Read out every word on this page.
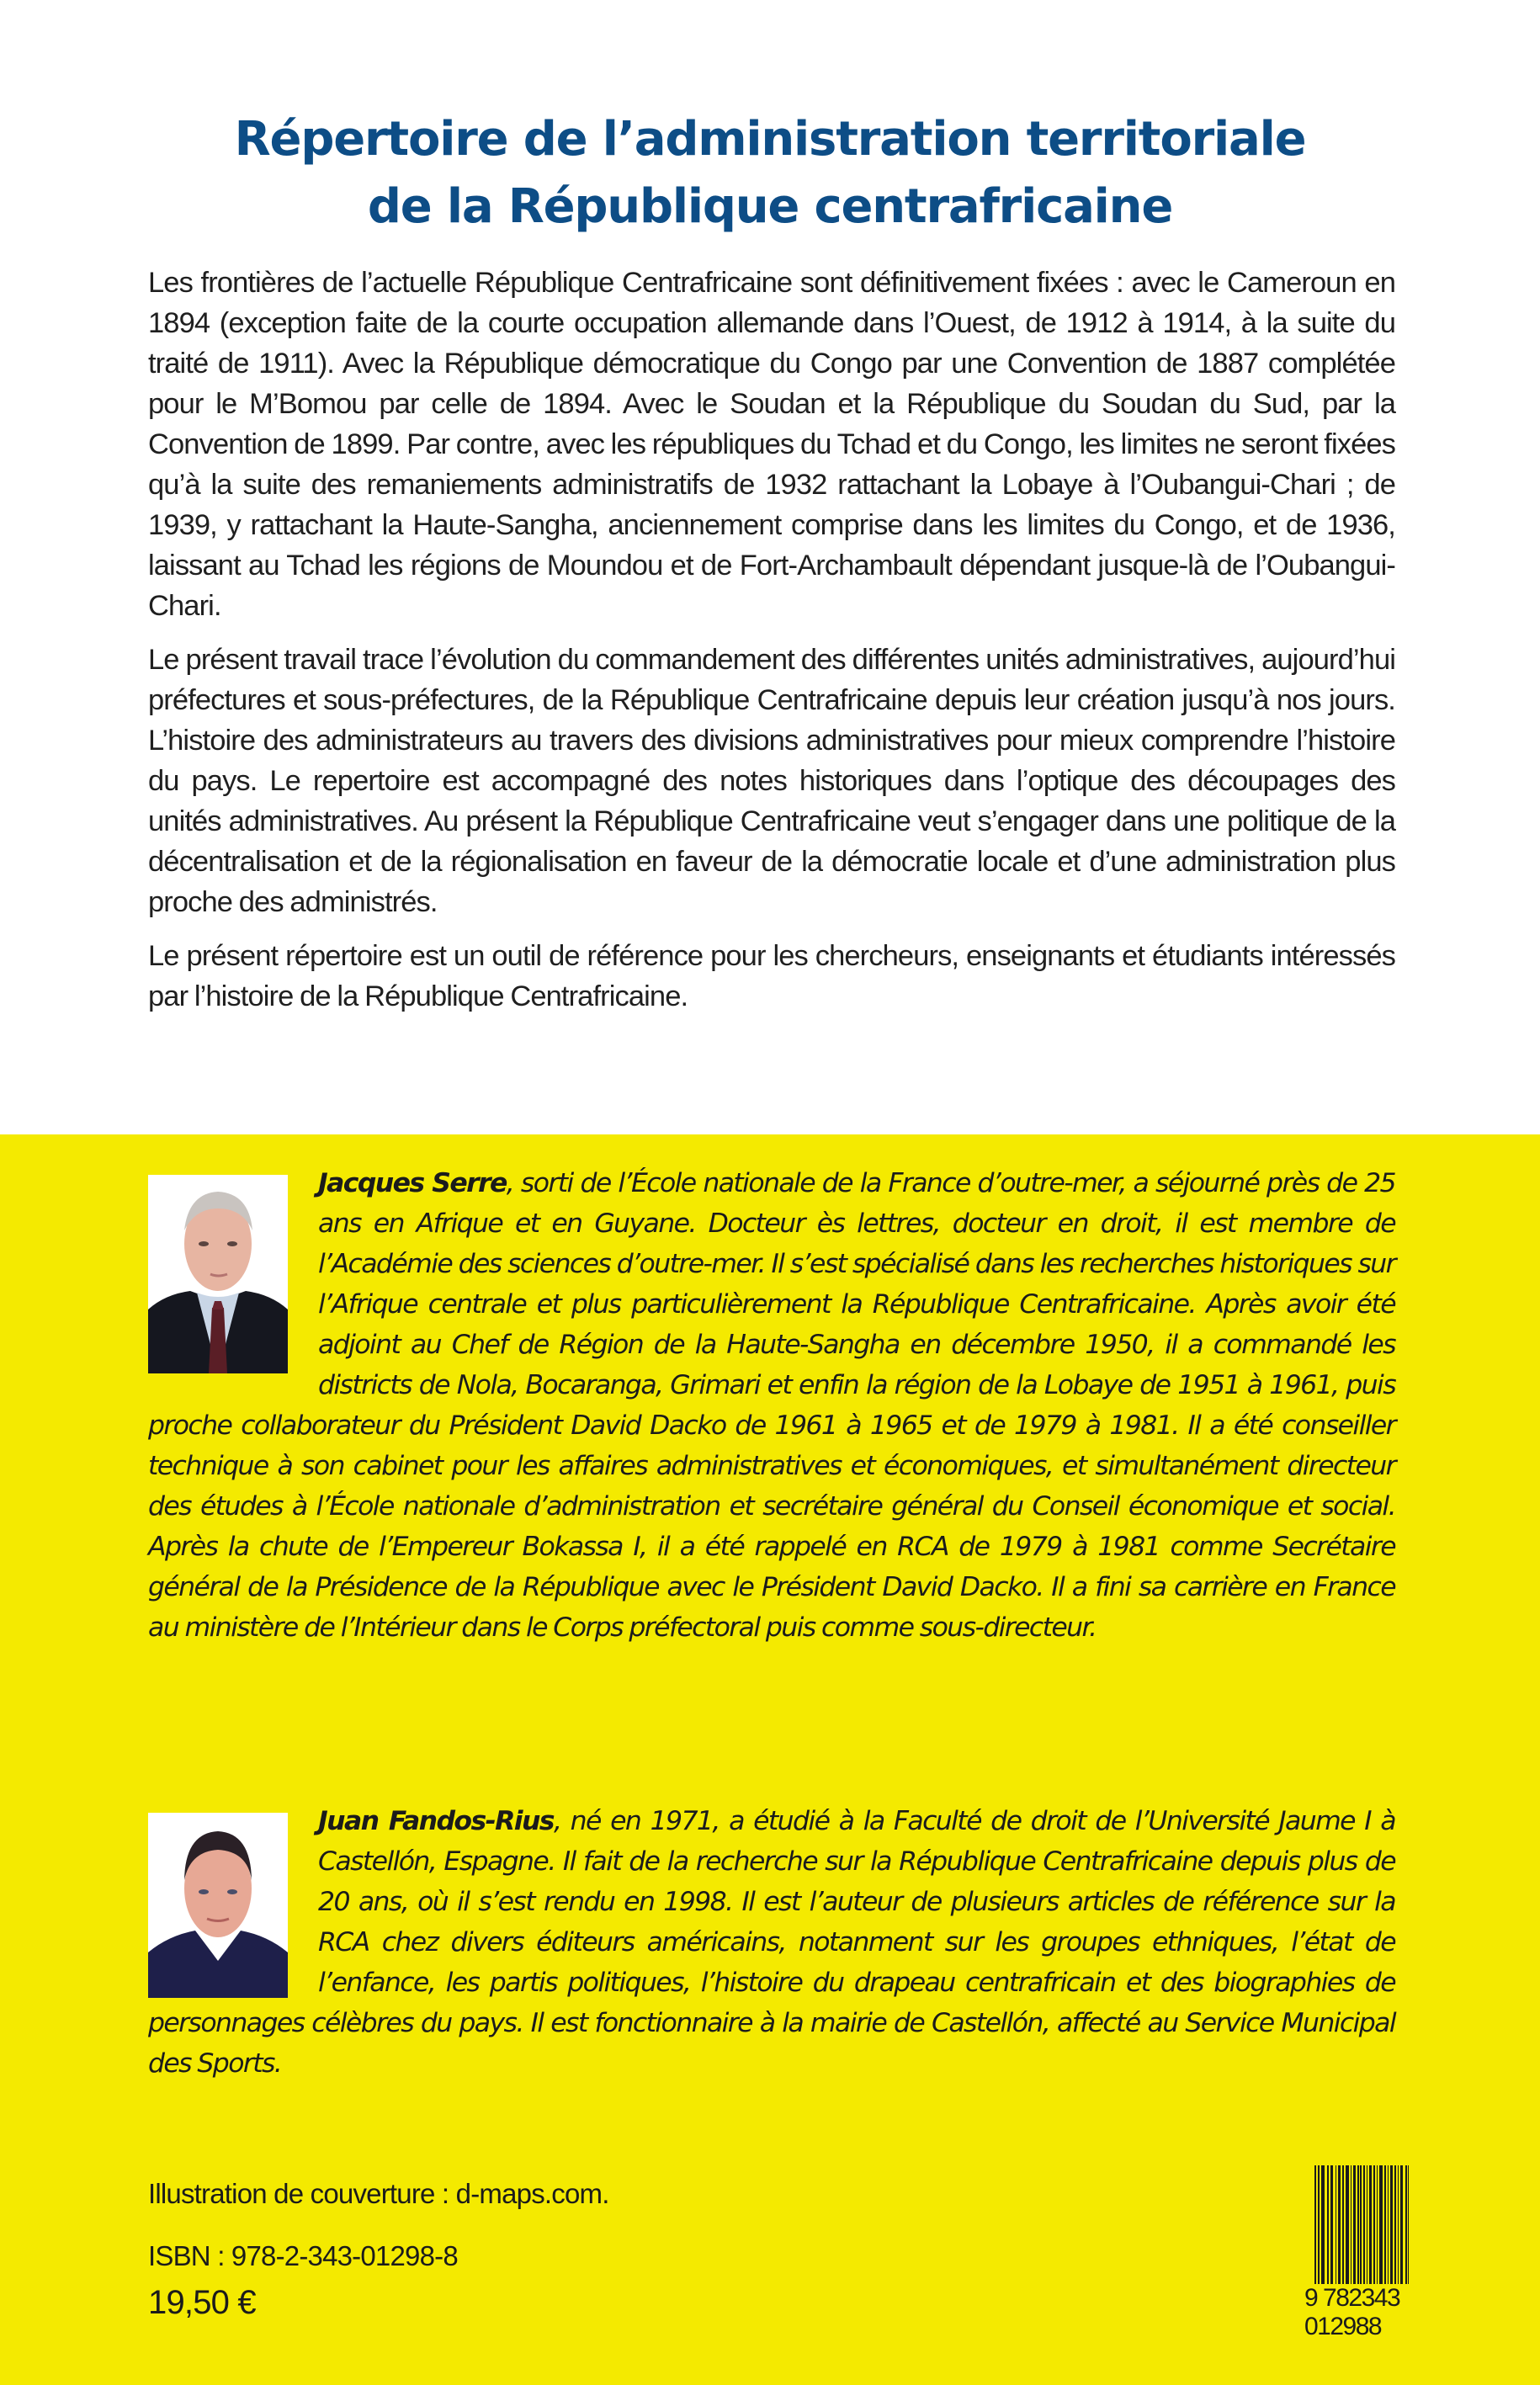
Répertoire de l’administration territoriale
de la République centrafricaine

Les frontières de l’actuelle République Centrafricaine sont définitivement fixées : avec le Cameroun en 1894 (exception faite de la courte occupation allemande dans l’Ouest, de 1912 à 1914, à la suite du traité de 1911). Avec la République démocratique du Congo par une Convention de 1887 complétée pour le M’Bomou par celle de 1894. Avec le Soudan et la République du Soudan du Sud, par la Convention de 1899. Par contre, avec les républiques du Tchad et du Congo, les limites ne seront fixées qu’à la suite des remaniements administratifs de 1932 rattachant la Lobaye à l’Oubangui-Chari ; de 1939, y rattachant la Haute-Sangha, anciennement comprise dans les limites du Congo, et de 1936, laissant au Tchad les régions de Moundou et de Fort-Archambault dépendant jusque-là de l’Oubangui-Chari.

Le présent travail trace l’évolution du commandement des différentes unités administratives, aujourd’hui préfectures et sous-préfectures, de la République Centrafricaine depuis leur création jusqu’à nos jours. L’histoire des administrateurs au travers des divisions administratives pour mieux comprendre l’histoire du pays. Le repertoire est accompagné des notes historiques dans l’optique des découpages des unités administratives. Au présent la République Centrafricaine veut s’engager dans une politique de la décentralisation et de la régionalisation en faveur de la démocratie locale et d’une administration plus proche des administrés.

Le présent répertoire est un outil de référence pour les chercheurs, enseignants et étudiants intéressés par l’histoire de la République Centrafricaine.

Jacques Serre, sorti de l’École nationale de la France d’outre-mer, a séjourné près de 25 ans en Afrique et en Guyane. Docteur ès lettres, docteur en droit, il est membre de l’Académie des sciences d’outre-mer. Il s’est spécialisé dans les recherches historiques sur l’Afrique centrale et plus particulièrement la République Centrafricaine. Après avoir été adjoint au Chef de Région de la Haute-Sangha en décembre 1950, il a commandé les districts de Nola, Bocaranga, Grimari et enfin la région de la Lobaye de 1951 à 1961, puis proche collaborateur du Président David Dacko de 1961 à 1965 et de 1979 à 1981. Il a été conseiller technique à son cabinet pour les affaires administratives et économiques, et simultanément directeur des études à l’École nationale d’administration et secrétaire général du Conseil économique et social. Après la chute de l’Empereur Bokassa I, il a été rappelé en RCA de 1979 à 1981 comme Secrétaire général de la Présidence de la République avec le Président David Dacko. Il a fini sa carrière en France au ministère de l’Intérieur dans le Corps préfectoral puis comme sous-directeur.
Juan Fandos-Rius, né en 1971, a étudié à la Faculté de droit de l’Université Jaume I à Castellón, Espagne. Il fait de la recherche sur la République Centrafricaine depuis plus de 20 ans, où il s’est rendu en 1998. Il est l’auteur de plusieurs articles de référence sur la RCA chez divers éditeurs américains, notanment sur les groupes ethniques, l’état de l’enfance, les partis politiques, l’histoire du drapeau centrafricain et des biographies de personnages célèbres du pays. Il est fonctionnaire à la mairie de Castellón, affecté au Service Municipal des Sports.
Illustration de couverture : d-maps.com.
ISBN : 978-2-343-01298-8
19,50 €	9 782343 012988
